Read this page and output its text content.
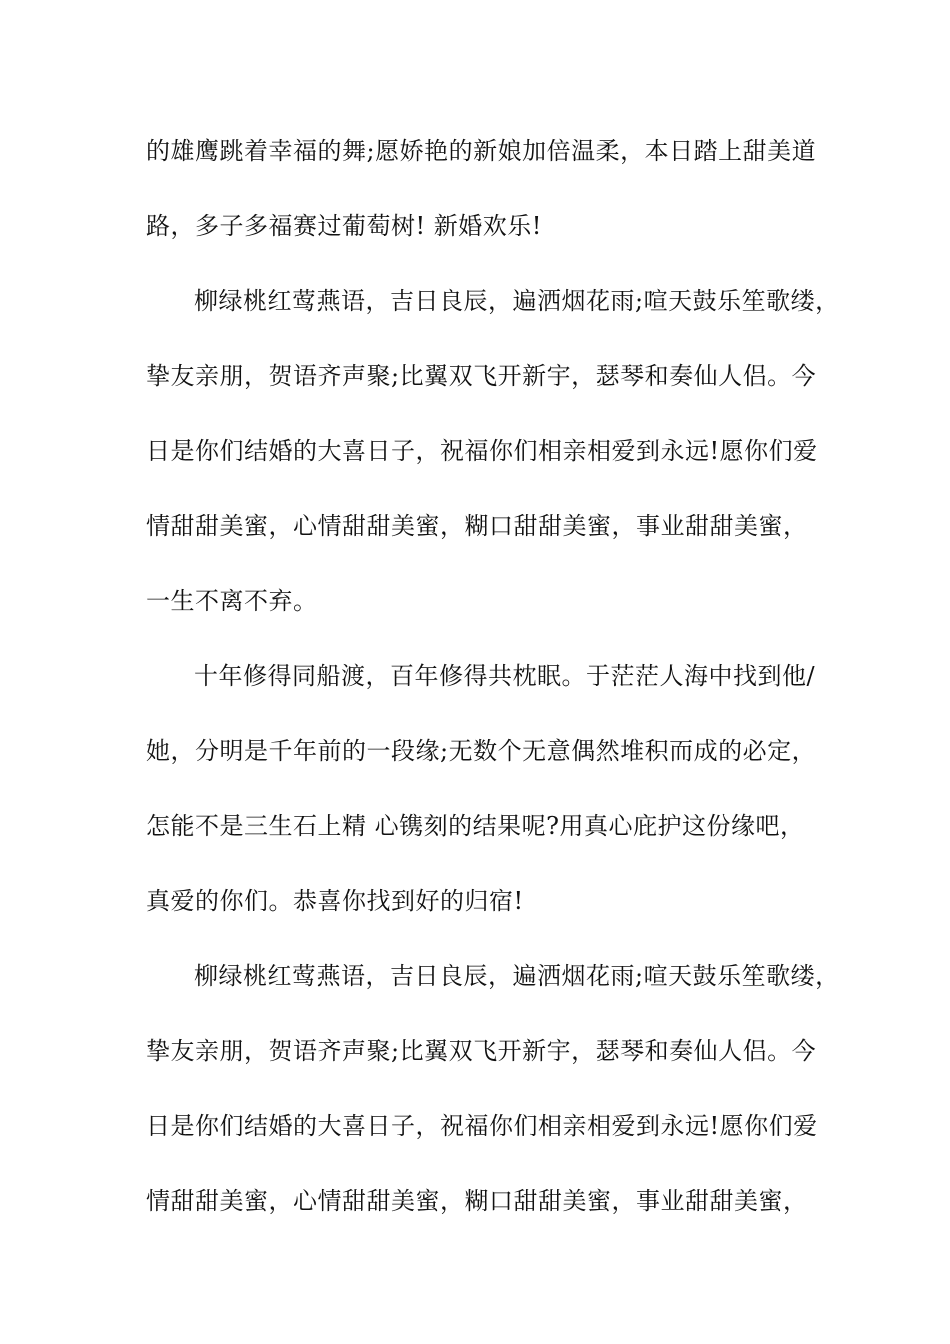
的雄鹰跳着幸福的舞;愿娇艳的新娘加倍温柔，本日踏上甜美道
路，多子多福赛过葡萄树! 新婚欢乐!
柳绿桃红莺燕语，吉日良辰，遍洒烟花雨;喧天鼓乐笙歌缕，
挚友亲朋，贺语齐声聚;比翼双飞开新宇，瑟琴和奏仙人侣。今
日是你们结婚的大喜日子，祝福你们相亲相爱到永远!愿你们爱
情甜甜美蜜，心情甜甜美蜜，糊口甜甜美蜜，事业甜甜美蜜，
一生不离不弃。
十年修得同船渡，百年修得共枕眠。于茫茫人海中找到他/
她，分明是千年前的一段缘;无数个无意偶然堆积而成的必定，
怎能不是三生石上精 心镌刻的结果呢?用真心庇护这份缘吧，
真爱的你们。恭喜你找到好的归宿!
柳绿桃红莺燕语，吉日良辰，遍洒烟花雨;喧天鼓乐笙歌缕，
挚友亲朋，贺语齐声聚;比翼双飞开新宇，瑟琴和奏仙人侣。今
日是你们结婚的大喜日子，祝福你们相亲相爱到永远!愿你们爱
情甜甜美蜜，心情甜甜美蜜，糊口甜甜美蜜，事业甜甜美蜜，
